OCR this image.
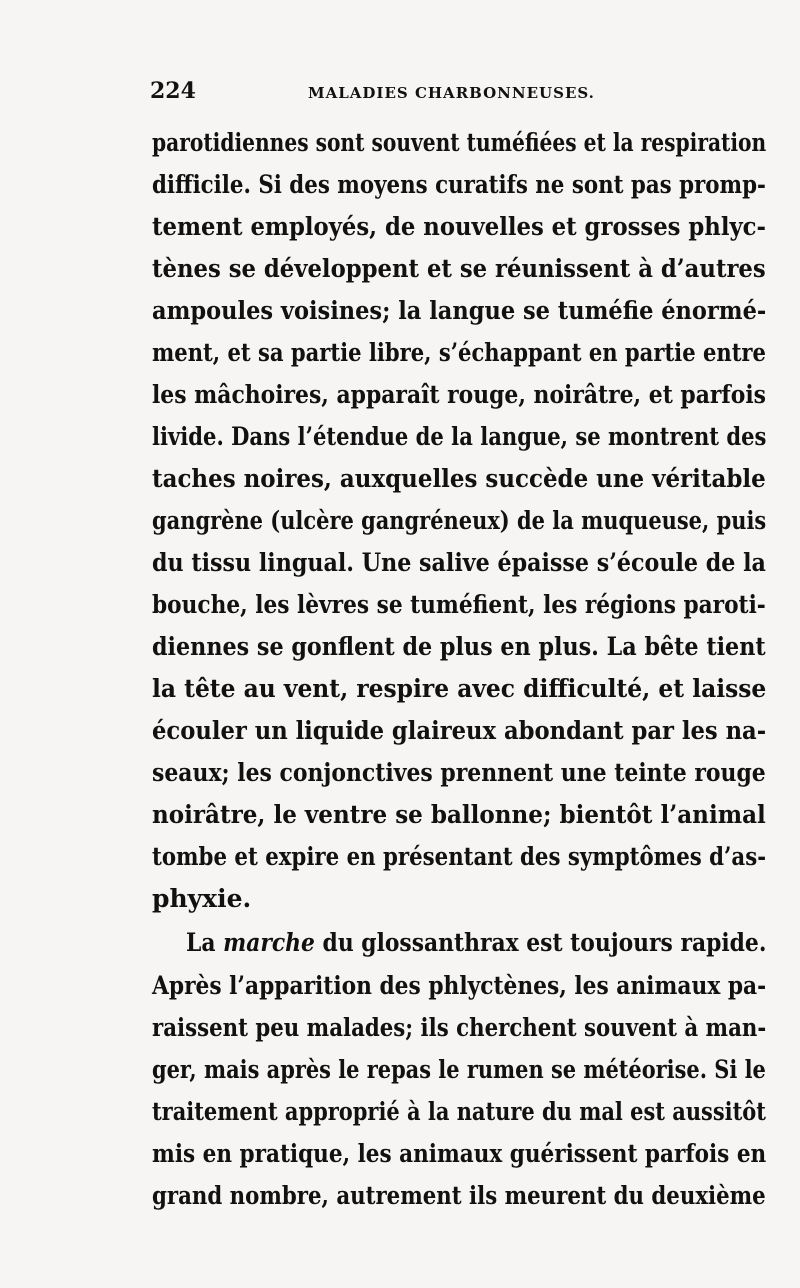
224	MALADIES CHARBONNEUSES.
parotidiennes sont souvent tuméfiées et la respiration
difficile. Si des moyens curatifs ne sont pas promp-
tement employés, de nouvelles et grosses phlyc-
tènes se développent et se réunissent à d’autres
ampoules voisines; la langue se tuméfie énormé-
ment, et sa partie libre, s’échappant en partie entre
les mâchoires, apparaît rouge, noirâtre, et parfois
livide. Dans l’étendue de la langue, se montrent des
taches noires, auxquelles succède une véritable
gangrène (ulcère gangréneux) de la muqueuse, puis
du tissu lingual. Une salive épaisse s’écoule de la
bouche, les lèvres se tuméfient, les régions paroti-
diennes se gonflent de plus en plus. La bête tient
la tête au vent, respire avec difficulté, et laisse
écouler un liquide glaireux abondant par les na-
seaux; les conjonctives prennent une teinte rouge
noirâtre, le ventre se ballonne; bientôt l’animal
tombe et expire en présentant des symptômes d’as-
phyxie.
La marche du glossanthrax est toujours rapide.
Après l’apparition des phlyctènes, les animaux pa-
raissent peu malades; ils cherchent souvent à man-
ger, mais après le repas le rumen se météorise. Si le
traitement approprié à la nature du mal est aussitôt
mis en pratique, les animaux guérissent parfois en
grand nombre, autrement ils meurent du deuxième
